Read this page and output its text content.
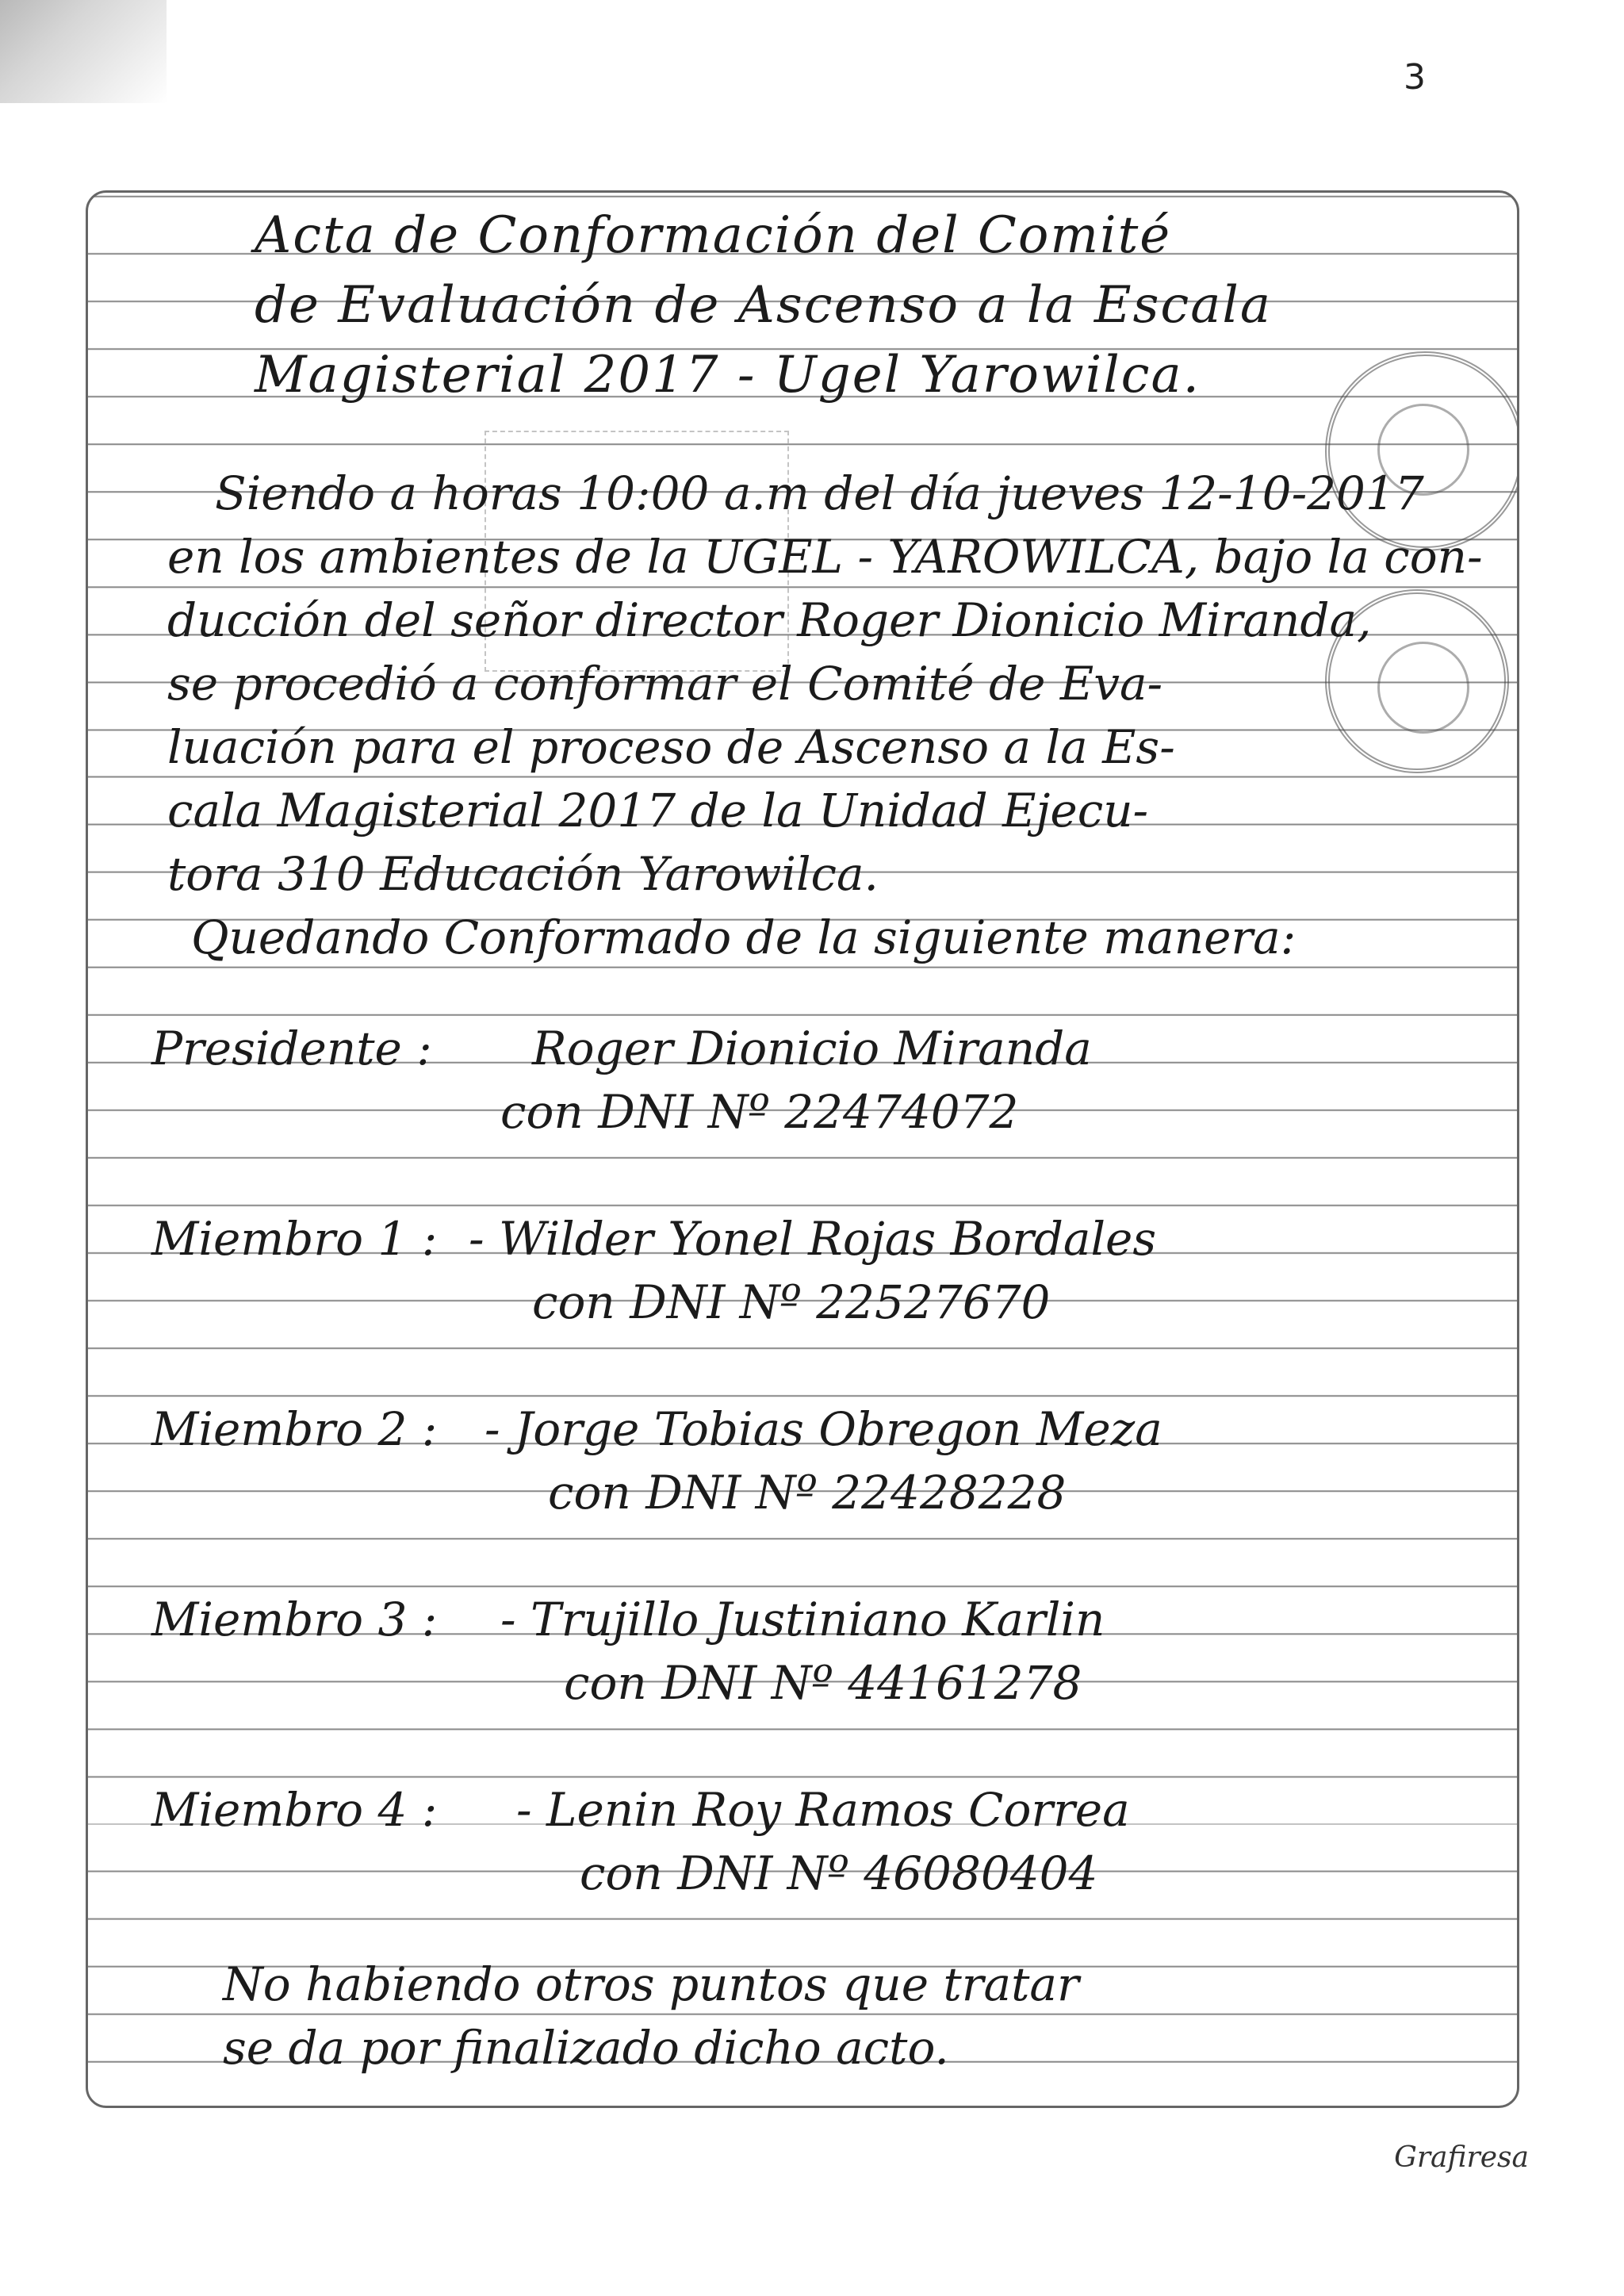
3
Acta de Conformación del Comité
de Evaluación de Ascenso a la Escala
Magisterial 2017 - Ugel Yarowilca.
Siendo a horas 10:00 a.m del día jueves 12-10-2017
en los ambientes de la UGEL - YAROWILCA, bajo la con-
ducción del señor director Roger Dionicio Miranda,
se procedió a conformar el Comité de Eva-
luación para el proceso de Ascenso a la Es-
cala Magisterial 2017 de la Unidad Ejecu-
tora 310 Educación Yarowilca.
Quedando Conformado de la siguiente manera:
Presidente : Roger Dionicio Miranda
con DNI Nº 22474072
Miembro 1 : - Wilder Yonel Rojas Bordales
con DNI Nº 22527670
Miembro 2 : - Jorge Tobias Obregon Meza
con DNI Nº 22428228
Miembro 3 : - Trujillo Justiniano Karlin
con DNI Nº 44161278
Miembro 4 : - Lenin Roy Ramos Correa
con DNI Nº 46080404
No habiendo otros puntos que tratar
se da por finalizado dicho acto.
Grafiresa
